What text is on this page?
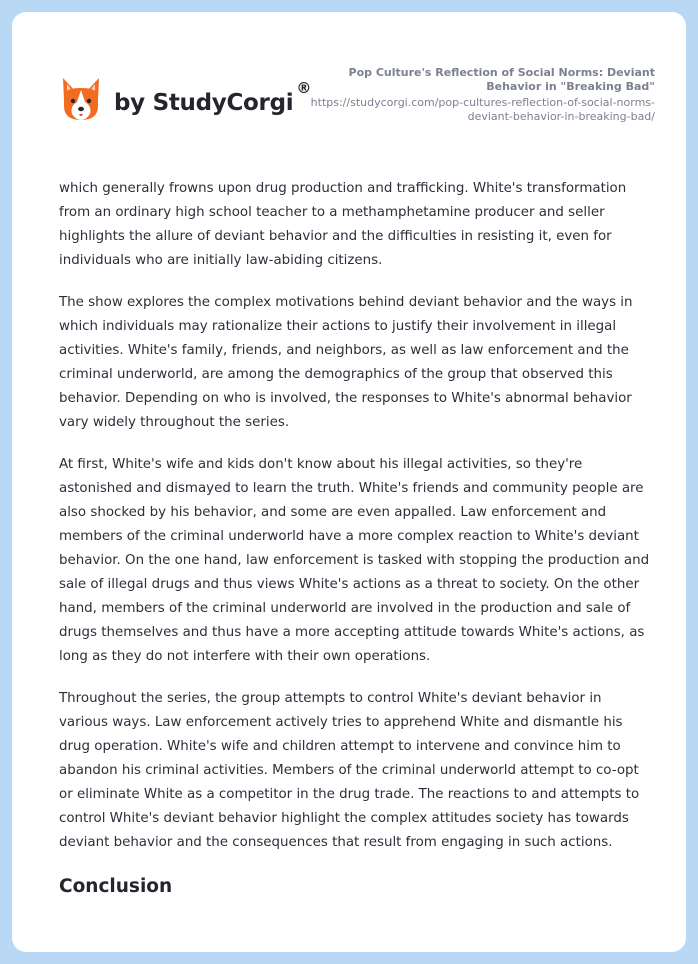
by StudyCorgi
®
Pop Culture's Reflection of Social Norms: Deviant Behavior in "Breaking Bad"
https://studycorgi.com/pop-cultures-reflection-of-social-norms-deviant-behavior-in-breaking-bad/

which generally frowns upon drug production and trafficking. White's transformation from an ordinary high school teacher to a methamphetamine producer and seller highlights the allure of deviant behavior and the difficulties in resisting it, even for individuals who are initially law-abiding citizens.

The show explores the complex motivations behind deviant behavior and the ways in which individuals may rationalize their actions to justify their involvement in illegal activities. White's family, friends, and neighbors, as well as law enforcement and the criminal underworld, are among the demographics of the group that observed this behavior. Depending on who is involved, the responses to White's abnormal behavior vary widely throughout the series.

At first, White's wife and kids don't know about his illegal activities, so they're astonished and dismayed to learn the truth. White's friends and community people are also shocked by his behavior, and some are even appalled. Law enforcement and members of the criminal underworld have a more complex reaction to White's deviant behavior. On the one hand, law enforcement is tasked with stopping the production and sale of illegal drugs and thus views White's actions as a threat to society. On the other hand, members of the criminal underworld are involved in the production and sale of drugs themselves and thus have a more accepting attitude towards White's actions, as long as they do not interfere with their own operations.

Throughout the series, the group attempts to control White's deviant behavior in various ways. Law enforcement actively tries to apprehend White and dismantle his drug operation. White's wife and children attempt to intervene and convince him to abandon his criminal activities. Members of the criminal underworld attempt to co-opt or eliminate White as a competitor in the drug trade. The reactions to and attempts to control White's deviant behavior highlight the complex attitudes society has towards deviant behavior and the consequences that result from engaging in such actions.

Conclusion
